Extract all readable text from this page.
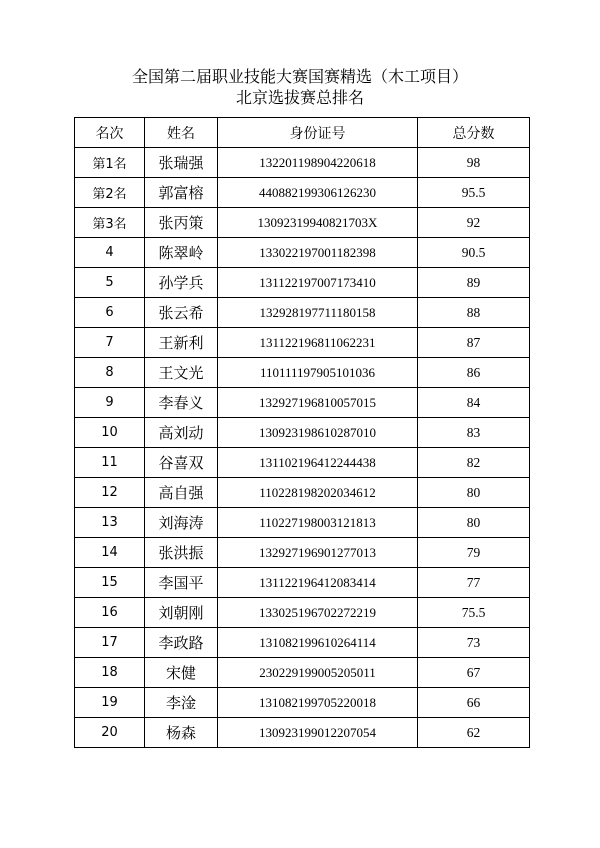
全国第二届职业技能大赛国赛精选（木工项目）
北京选拔赛总排名
名次	姓名	身份证号	总分数
第1名	张瑞强	132201198904220618	98
第2名	郭富榕	440882199306126230	95.5
第3名	张丙策	13092319940821703X	92
4	陈翠岭	133022197001182398	90.5
5	孙学兵	131122197007173410	89
6	张云希	132928197711180158	88
7	王新利	131122196811062231	87
8	王文光	110111197905101036	86
9	李春义	132927196810057015	84
10	高刘动	130923198610287010	83
11	谷喜双	131102196412244438	82
12	高自强	110228198202034612	80
13	刘海涛	110227198003121813	80
14	张洪振	132927196901277013	79
15	李国平	131122196412083414	77
16	刘朝刚	133025196702272219	75.5
17	李政路	131082199610264114	73
18	宋健	230229199005205011	67
19	李淦	131082199705220018	66
20	杨森	130923199012207054	62
